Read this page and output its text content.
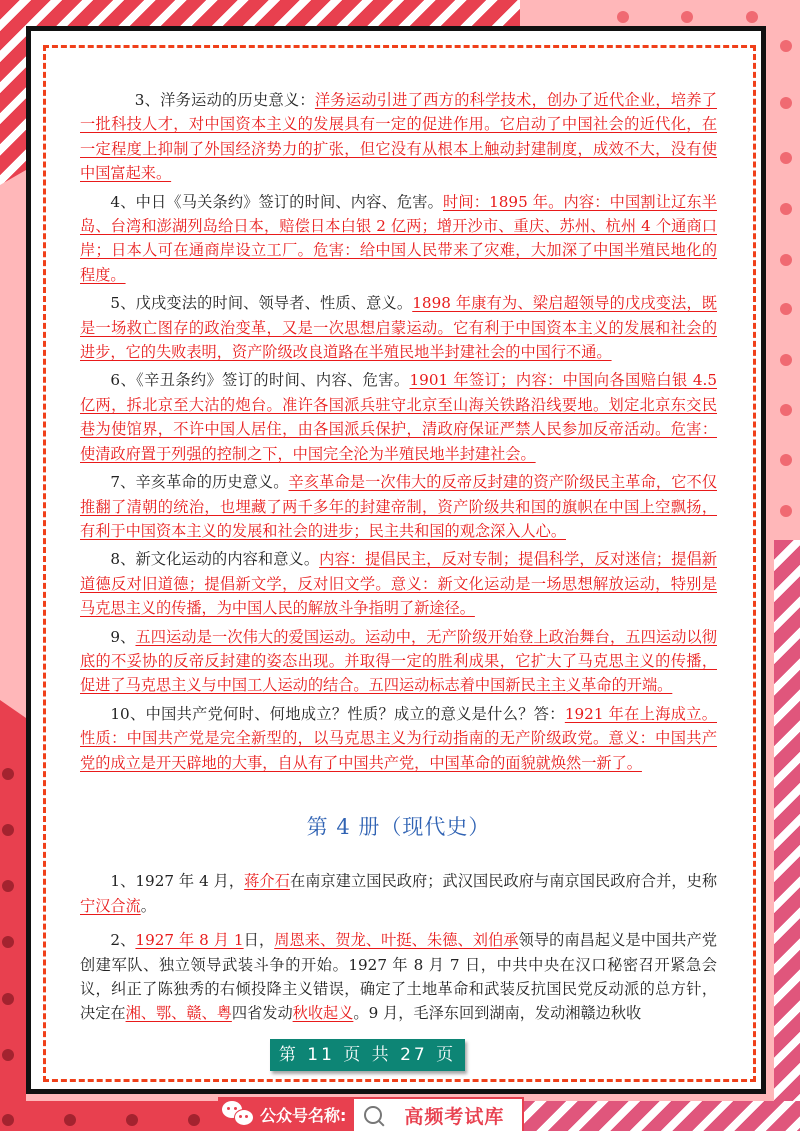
3、洋务运动的历史意义：洋务运动引进了西方的科学技术，创办了近代企业，培养了一批科技人才，对中国资本主义的发展具有一定的促进作用。它启动了中国社会的近代化，在一定程度上抑制了外国经济势力的扩张，但它没有从根本上触动封建制度，成效不大，没有使中国富起来。

4、中日《马关条约》签订的时间、内容、危害。时间：1895 年。内容：中国割让辽东半岛、台湾和澎湖列岛给日本，赔偿日本白银 2 亿两；增开沙市、重庆、苏州、杭州 4 个通商口岸；日本人可在通商岸设立工厂。危害：给中国人民带来了灾难，大加深了中国半殖民地化的程度。

5、戊戌变法的时间、领导者、性质、意义。1898 年康有为、梁启超领导的戊戌变法，既是一场救亡图存的政治变革，又是一次思想启蒙运动。它有利于中国资本主义的发展和社会的进步，它的失败表明，资产阶级改良道路在半殖民地半封建社会的中国行不通。

6、《辛丑条约》签订的时间、内容、危害。1901 年签订；内容：中国向各国赔白银 4.5 亿两，拆北京至大沽的炮台。准许各国派兵驻守北京至山海关铁路沿线要地。划定北京东交民巷为使馆界，不许中国人居住，由各国派兵保护，清政府保证严禁人民参加反帝活动。危害：使清政府置于列强的控制之下，中国完全沦为半殖民地半封建社会。

7、辛亥革命的历史意义。辛亥革命是一次伟大的反帝反封建的资产阶级民主革命，它不仅推翻了清朝的统治，也埋藏了两千多年的封建帝制，资产阶级共和国的旗帜在中国上空飘扬，有利于中国资本主义的发展和社会的进步；民主共和国的观念深入人心。

8、新文化运动的内容和意义。内容：提倡民主，反对专制；提倡科学，反对迷信；提倡新道德反对旧道德；提倡新文学，反对旧文学。意义：新文化运动是一场思想解放运动，特别是马克思主义的传播，为中国人民的解放斗争指明了新途径。

9、五四运动是一次伟大的爱国运动。运动中，无产阶级开始登上政治舞台，五四运动以彻底的不妥协的反帝反封建的姿态出现。并取得一定的胜利成果，它扩大了马克思主义的传播，促进了马克思主义与中国工人运动的结合。五四运动标志着中国新民主主义革命的开端。

10、中国共产党何时、何地成立？性质？成立的意义是什么？答：1921 年在上海成立。性质：中国共产党是完全新型的，以马克思主义为行动指南的无产阶级政党。意义：中国共产党的成立是开天辟地的大事，自从有了中国共产党，中国革命的面貌就焕然一新了。

第 4 册（现代史）

1、1927 年 4 月，蒋介石在南京建立国民政府；武汉国民政府与南京国民政府合并，史称宁汉合流。

2、1927 年 8 月 1日，周恩来、贺龙、叶挺、朱德、刘伯承领导的南昌起义是中国共产党创建军队、独立领导武装斗争的开始。1927 年 8 月 7 日，中共中央在汉口秘密召开紧急会议，纠正了陈独秀的右倾投降主义错误，确定了土地革命和武装反抗国民党反动派的总方针，决定在湘、鄂、赣、粤四省发动秋收起义。9 月，毛泽东回到湖南，发动湘赣边秋收

第 11 页 共 27 页
公众号名称:	高频考试库
